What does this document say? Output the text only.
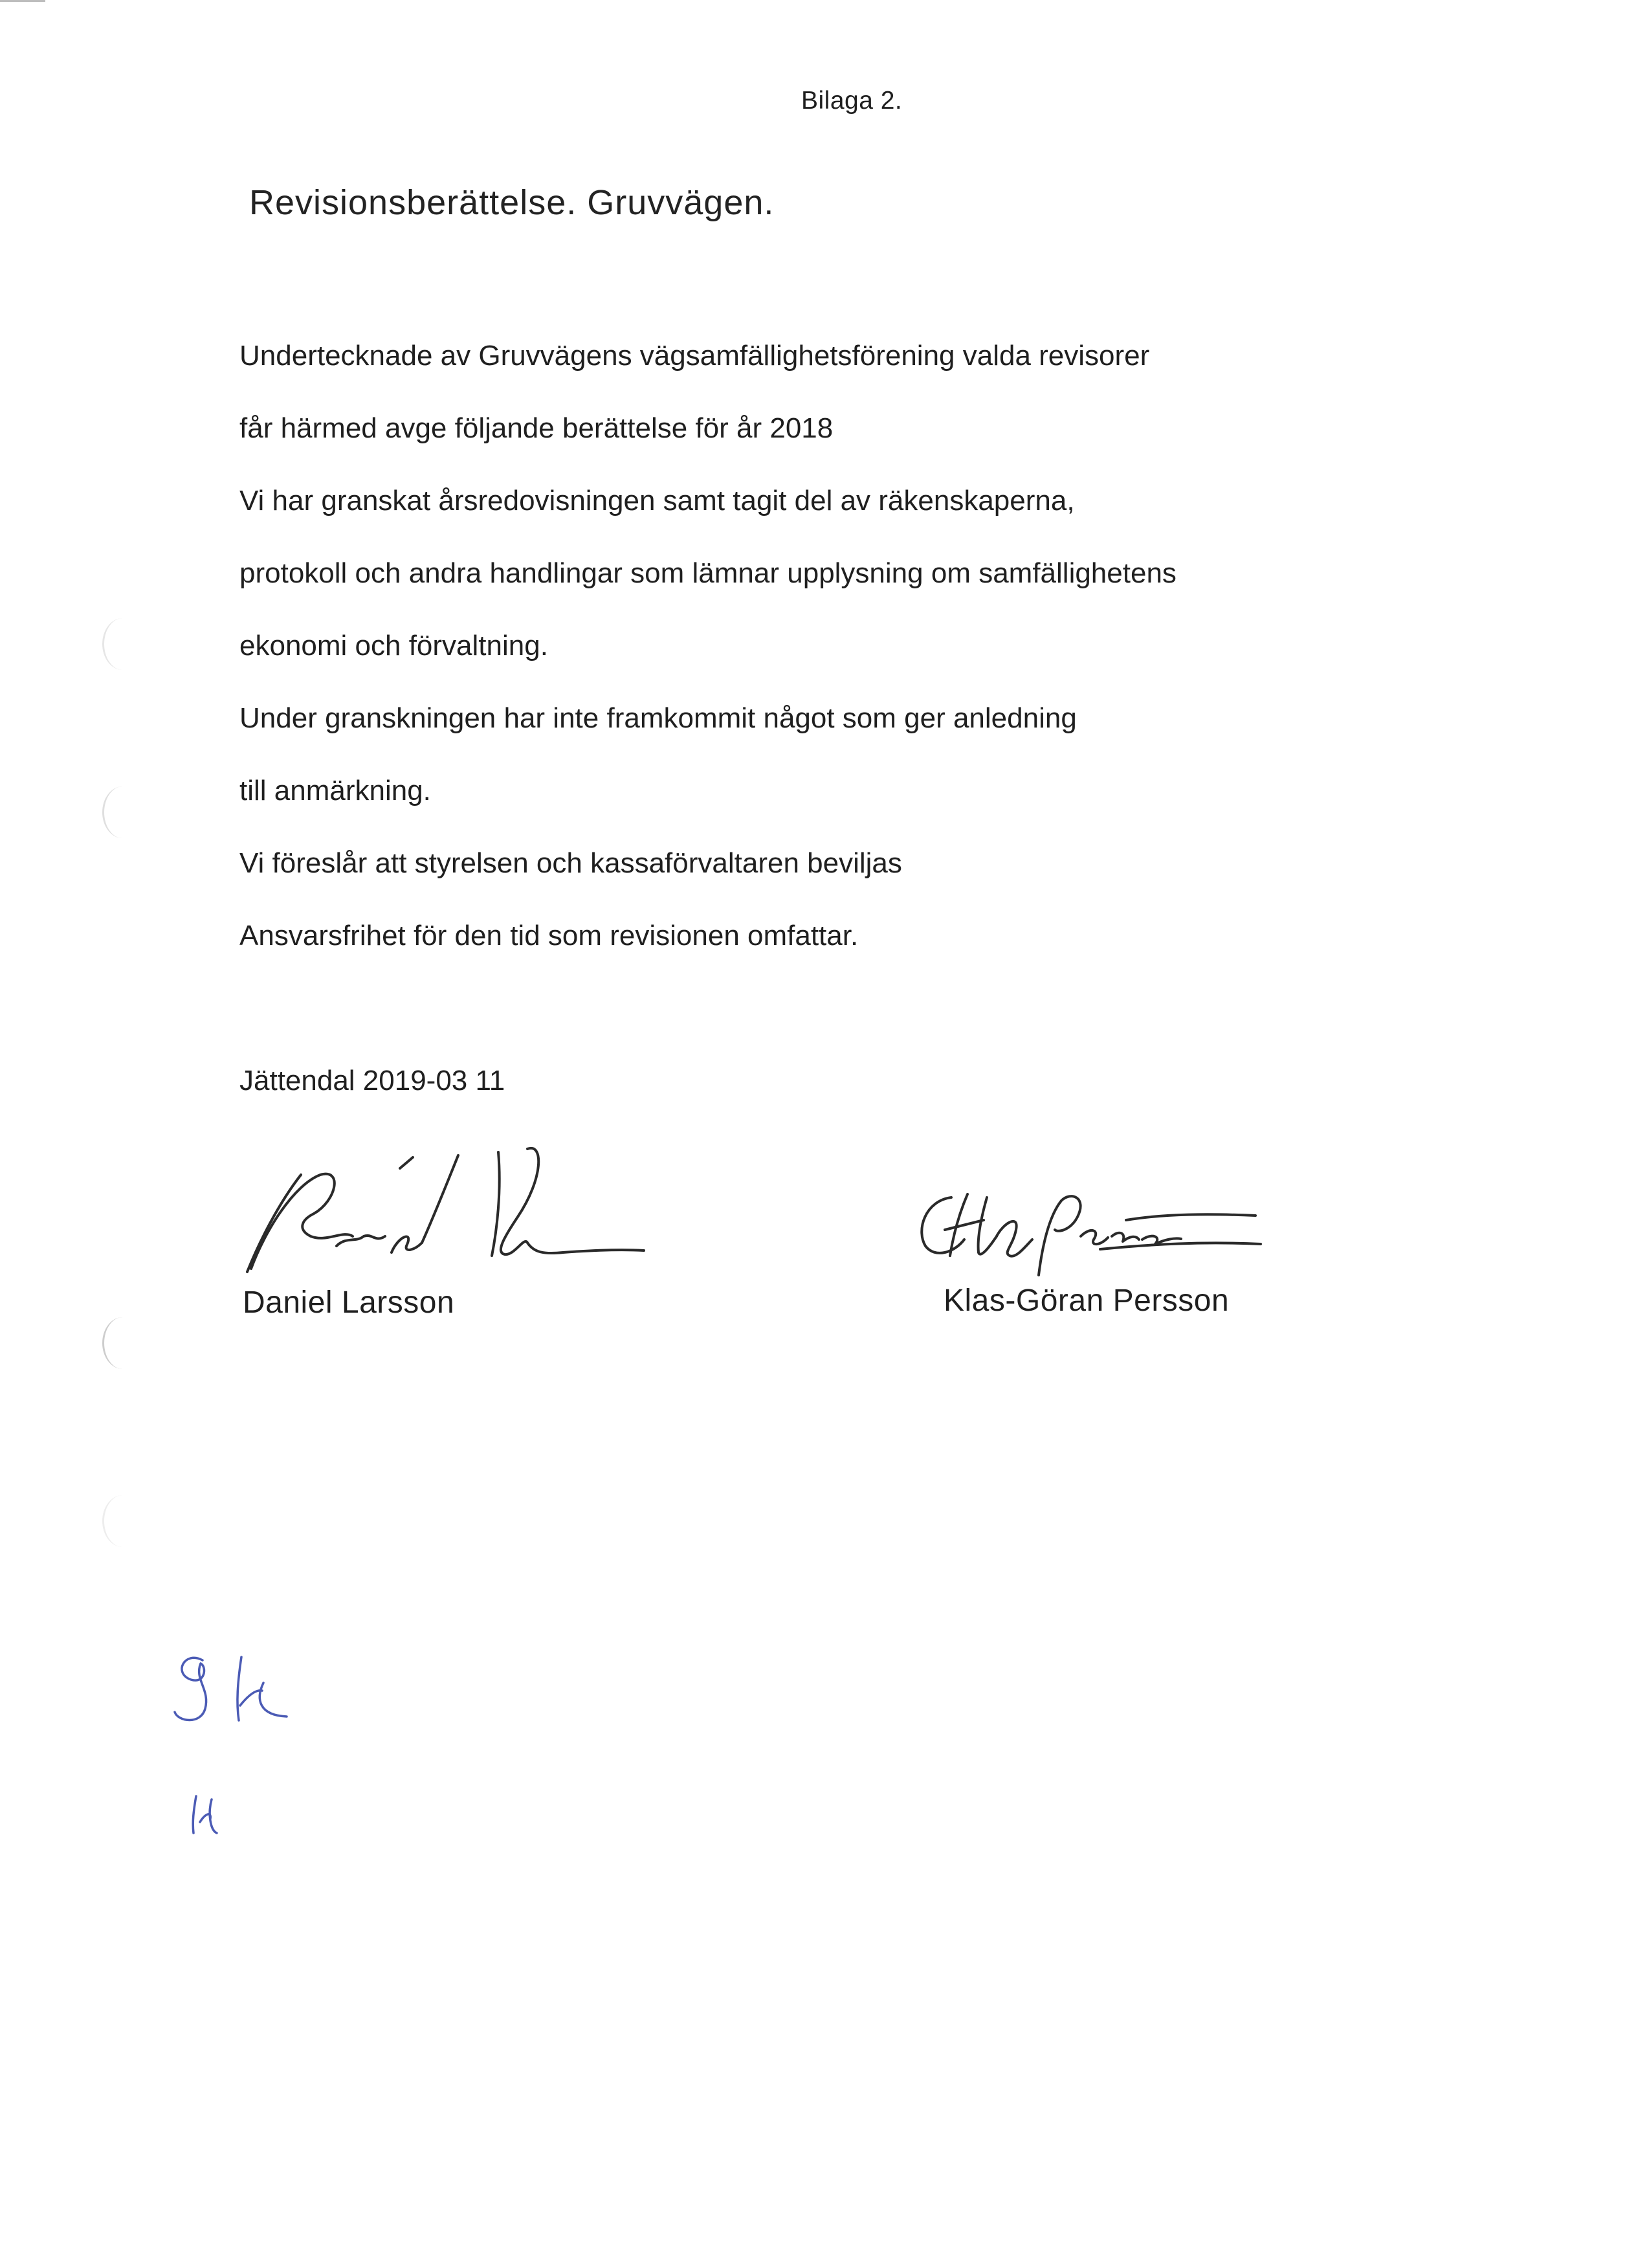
Bilaga 2.
Revisionsberättelse. Gruvvägen.
Undertecknade av Gruvvägens vägsamfällighetsförening valda revisorer
får härmed avge följande berättelse för år 2018
Vi har granskat årsredovisningen samt tagit del av räkenskaperna,
protokoll och andra handlingar som lämnar upplysning om samfällighetens
ekonomi och förvaltning.
Under granskningen har inte framkommit något som ger anledning
till anmärkning.
Vi föreslår att styrelsen och kassaförvaltaren beviljas
Ansvarsfrihet för den tid som revisionen omfattar.
Jättendal 2019-03 11
Daniel Larsson	Klas-Göran Persson
